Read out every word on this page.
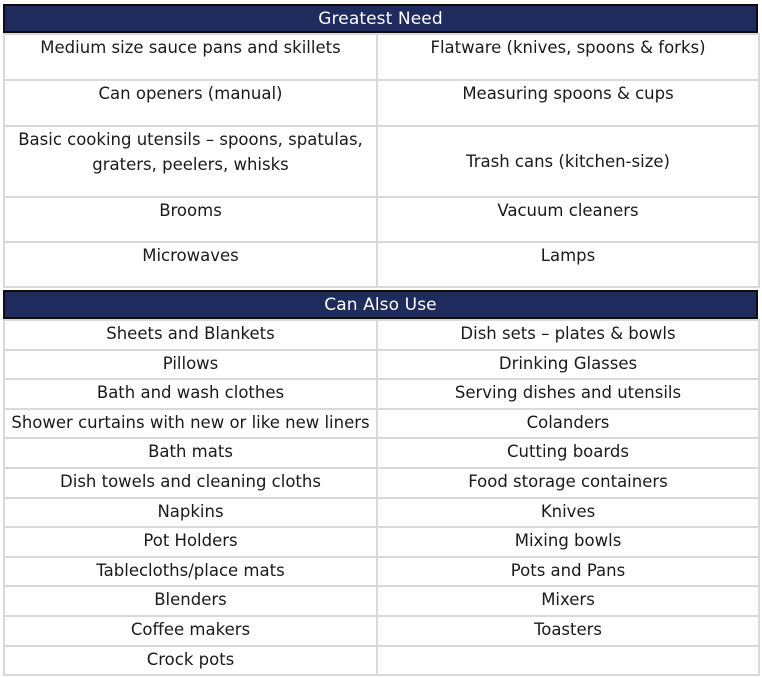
Greatest Need
Medium size sauce pans and skillets	Flatware (knives, spoons & forks)
Can openers (manual)	Measuring spoons & cups
Basic cooking utensils – spoons, spatulas, graters, peelers, whisks	Trash cans (kitchen-size)
Brooms	Vacuum cleaners
Microwaves	Lamps
Can Also Use
Sheets and Blankets	Dish sets – plates & bowls
Pillows	Drinking Glasses
Bath and wash clothes	Serving dishes and utensils
Shower curtains with new or like new liners	Colanders
Bath mats	Cutting boards
Dish towels and cleaning cloths	Food storage containers
Napkins	Knives
Pot Holders	Mixing bowls
Tablecloths/place mats	Pots and Pans
Blenders	Mixers
Coffee makers	Toasters
Crock pots	
